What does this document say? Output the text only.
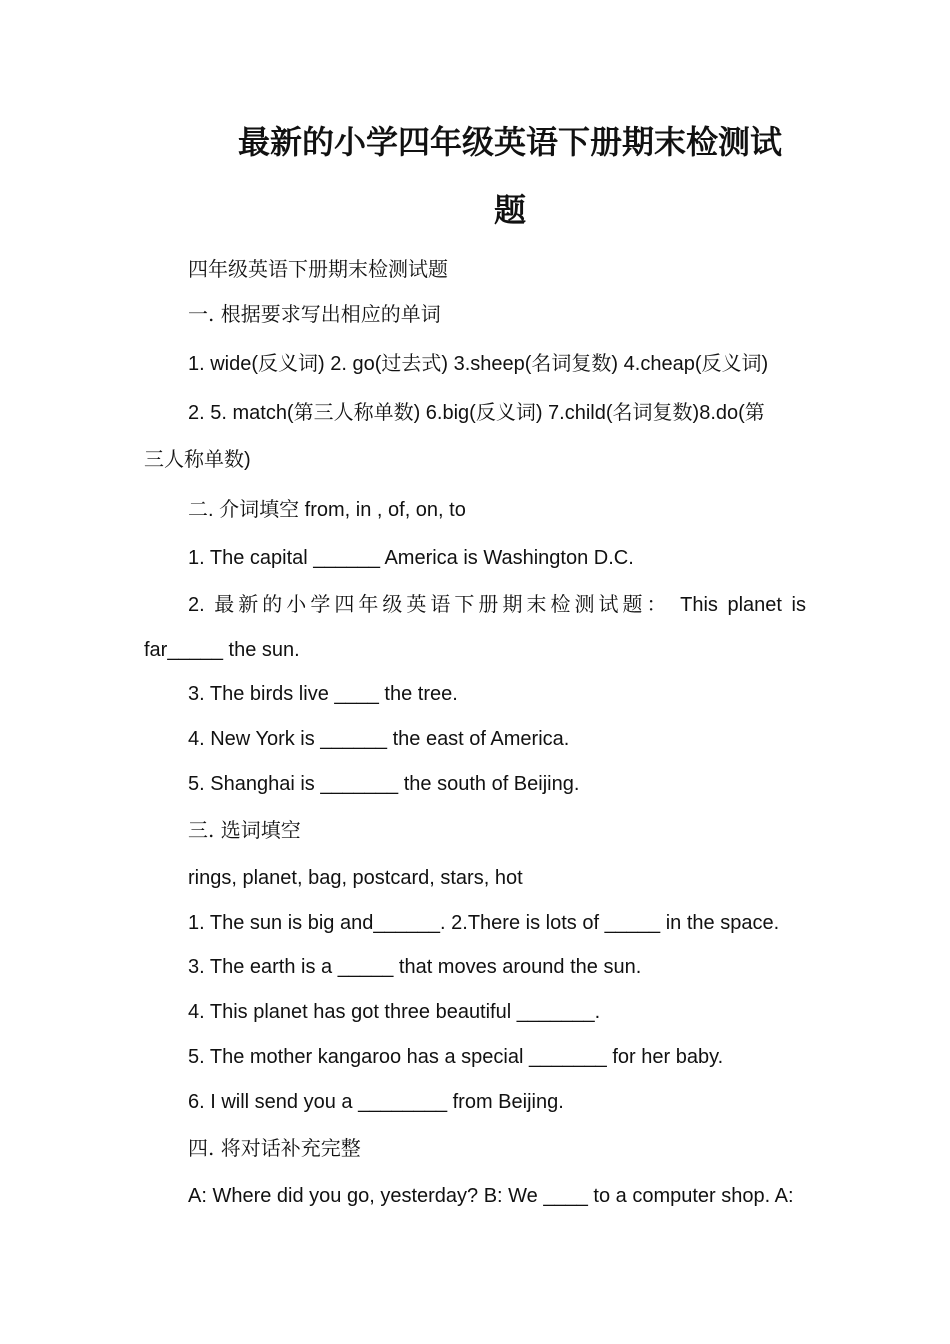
最新的小学四年级英语下册期末检测试
题

四年级英语下册期末检测试题

一. 根据要求写出相应的单词

1. wide(反义词) 2. go(过去式) 3.sheep(名词复数) 4.cheap(反义词)

2. 5. match(第三人称单数) 6.big(反义词) 7.child(名词复数)8.do(第

三人称单数)

二. 介词填空 from, in , of, on, to

1. The capital ______ America is Washington D.C.

2. 最新的小学四年级英语下册期末检测试题： This planet is

far_____ the sun.

3. The birds live ____ the tree.

4. New York is ______ the east of America.

5. Shanghai is _______ the south of Beijing.

三. 选词填空

rings, planet, bag, postcard, stars, hot

1. The sun is big and______. 2.There is lots of _____ in the space.

3. The earth is a _____ that moves around the sun.

4. This planet has got three beautiful _______.

5. The mother kangaroo has a special _______ for her baby.

6. I will send you a ________ from Beijing.

四. 将对话补充完整

A: Where did you go, yesterday? B: We ____ to a computer shop. A:
